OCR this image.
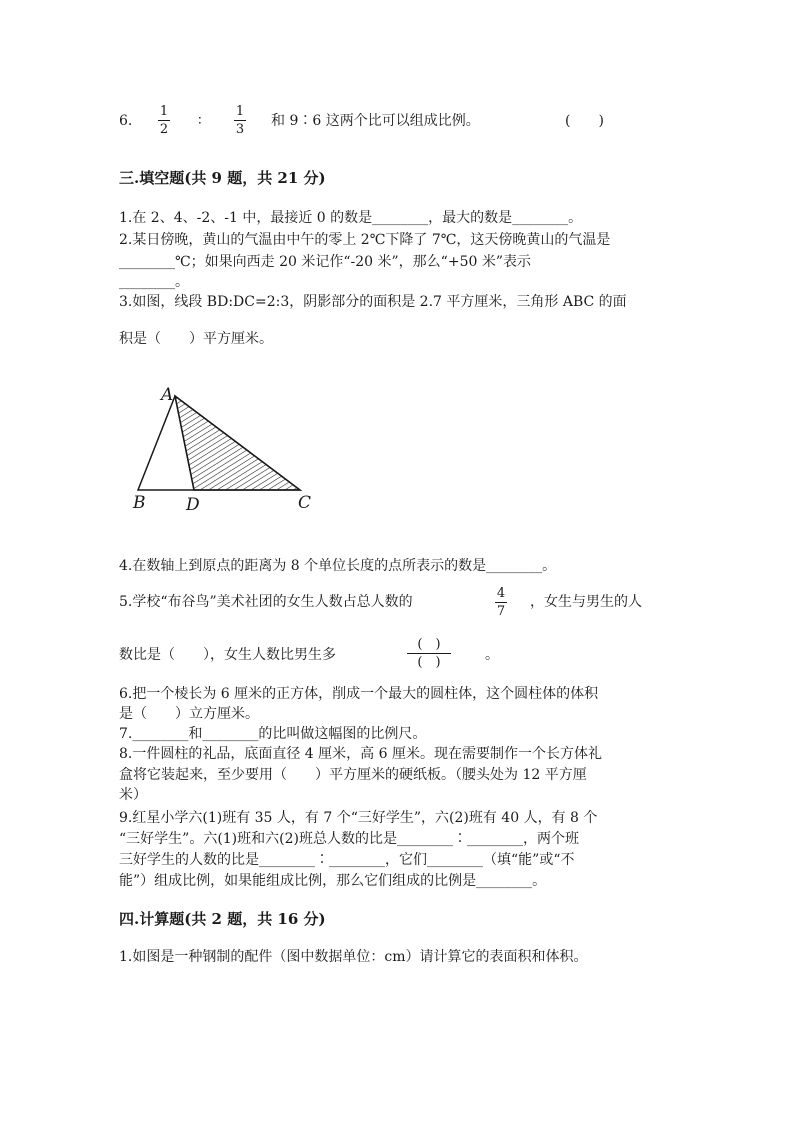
6.
1
2
∶
1
3
和 9∶6 这两个比可以组成比例。	(　　)
三.填空题(共 9 题，共 21 分)
1.在 2、4、-2、-1 中，最接近 0 的数是________，最大的数是________。
2.某日傍晚，黄山的气温由中午的零上 2℃下降了 7℃，这天傍晚黄山的气温是
________℃；如果向西走 20 米记作“-20 米”，那么“+50 米”表示
________。
3.如图，线段 BD:DC=2:3，阴影部分的面积是 2.7 平方厘米，三角形 ABC 的面
积是（　　）平方厘米。
A
B D	C
4.在数轴上到原点的距离为 8 个单位长度的点所表示的数是________。
5.学校“布谷鸟”美术社团的女生人数占总人数的
4
7
，女生与男生的人
数比是（　　），女生人数比男生多
(　)
(　)	。
6.把一个棱长为 6 厘米的正方体，削成一个最大的圆柱体，这个圆柱体的体积
是（　　）立方厘米。
7.________和________的比叫做这幅图的比例尺。
8.一件圆柱的礼品，底面直径 4 厘米，高 6 厘米。现在需要制作一个长方体礼
盒将它装起来，至少要用（　　）平方厘米的硬纸板。（腰头处为 12 平方厘
米）
9.红星小学六(1)班有 35 人，有 7 个“三好学生”，六(2)班有 40 人，有 8 个
“三好学生”。六(1)班和六(2)班总人数的比是________∶________，两个班
三好学生的人数的比是________∶________，它们________（填“能”或“不
能”）组成比例，如果能组成比例，那么它们组成的比例是________。
四.计算题(共 2 题，共 16 分)
1.如图是一种钢制的配件（图中数据单位：cm）请计算它的表面积和体积。
